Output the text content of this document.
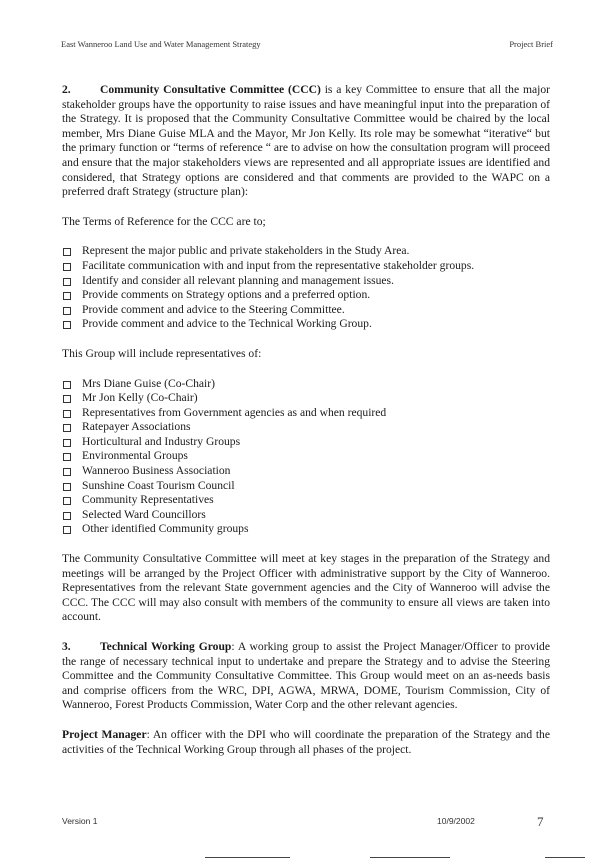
East Wanneroo Land Use and Water Management Strategy	Project Brief

2.	Community Consultative Committee (CCC) is a key Committee to ensure that all the major stakeholder groups have the opportunity to raise issues and have meaningful input into the preparation of the Strategy. It is proposed that the Community Consultative Committee would be chaired by the local member, Mrs Diane Guise MLA and the Mayor, Mr Jon Kelly. Its role may be somewhat “iterative“ but the primary function or “terms of reference “ are to advise on how the consultation program will proceed and ensure that the major stakeholders views are represented and all appropriate issues are identified and considered, that Strategy options are considered and that comments are provided to the WAPC on a preferred draft Strategy (structure plan):

The Terms of Reference for the CCC are to;

Represent the major public and private stakeholders in the Study Area.
Facilitate communication with and input from the representative stakeholder groups.
Identify and consider all relevant planning and management issues.
Provide comments on Strategy options and a preferred option.
Provide comment and advice to the Steering Committee.
Provide comment and advice to the Technical Working Group.

This Group will include representatives of:

Mrs Diane Guise (Co-Chair)
Mr Jon Kelly (Co-Chair)
Representatives from Government agencies as and when required
Ratepayer Associations
Horticultural and Industry Groups
Environmental Groups
Wanneroo Business Association
Sunshine Coast Tourism Council
Community Representatives
Selected Ward Councillors
Other identified Community groups

The Community Consultative Committee will meet at key stages in the preparation of the Strategy and meetings will be arranged by the Project Officer with administrative support by the City of Wanneroo. Representatives from the relevant State government agencies and the City of Wanneroo will advise the CCC. The CCC will may also consult with members of the community to ensure all views are taken into account.

3.	Technical Working Group: A working group to assist the Project Manager/Officer to provide the range of necessary technical input to undertake and prepare the Strategy and to advise the Steering Committee and the Community Consultative Committee. This Group would meet on an as-needs basis and comprise officers from the WRC, DPI, AGWA, MRWA, DOME, Tourism Commission, City of Wanneroo, Forest Products Commission, Water Corp and the other relevant agencies.

Project Manager: An officer with the DPI who will coordinate the preparation of the Strategy and the activities of the Technical Working Group through all phases of the project.

Version 1	10/9/2002	7
